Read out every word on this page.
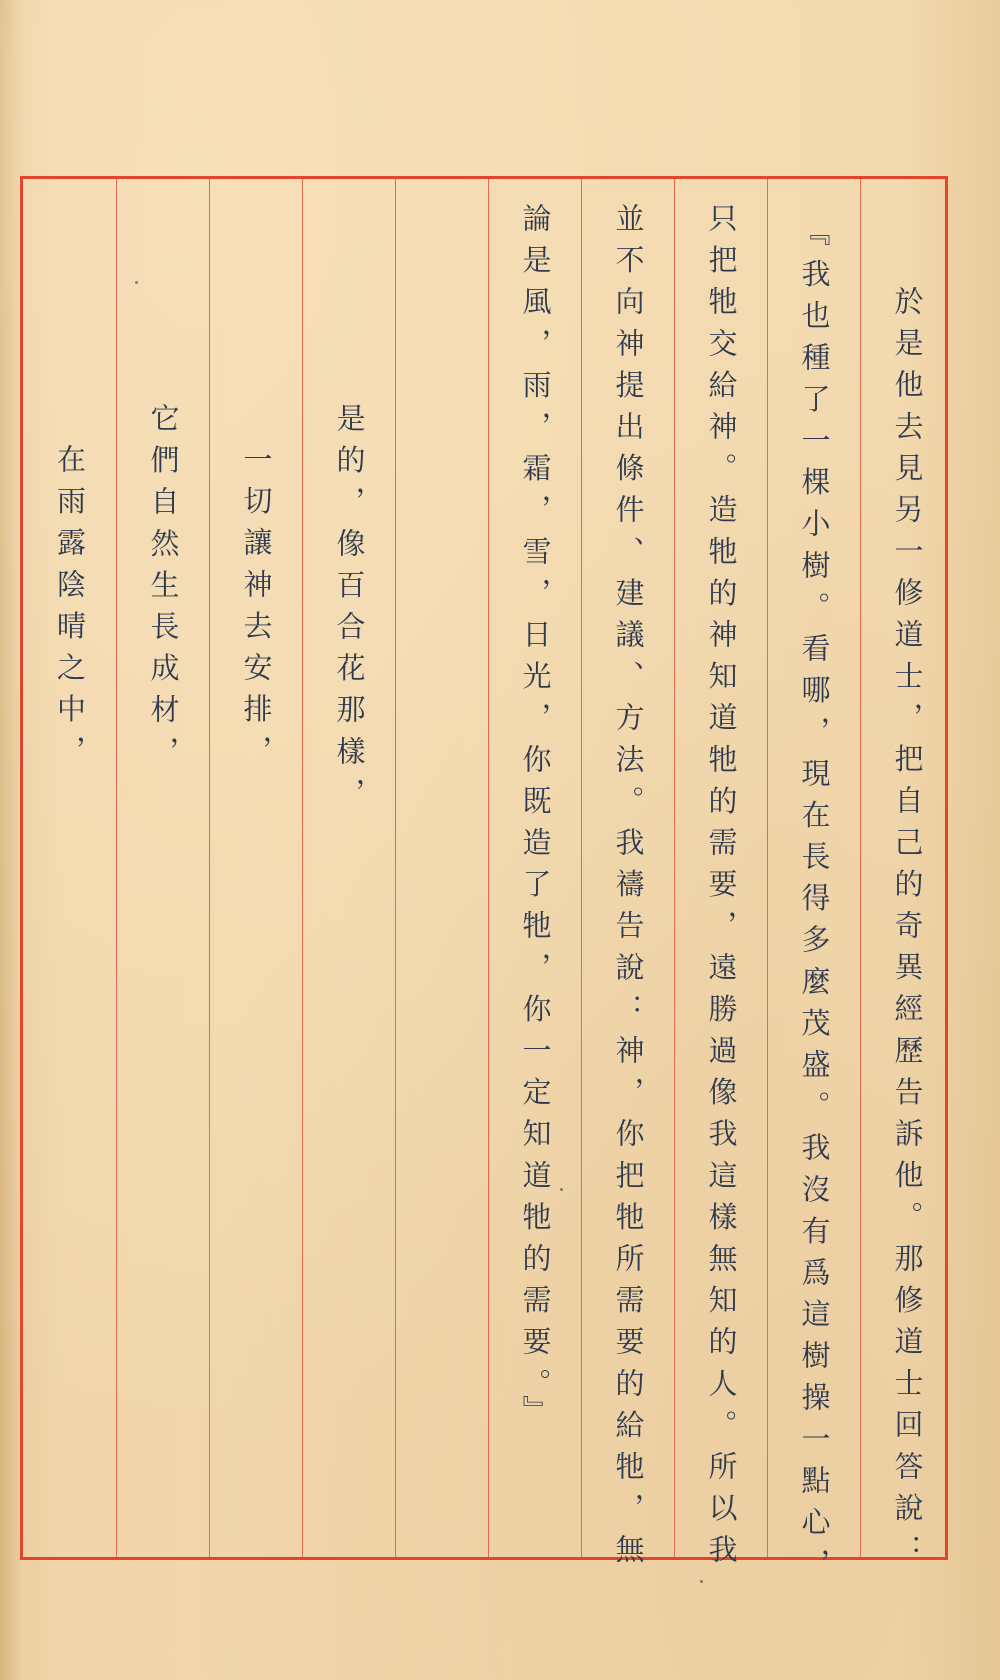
於是他去見另一修道士，把自己的奇異經歷告訴他。那修道士回答說：
『我也種了一棵小樹。看哪，現在長得多麼茂盛。我沒有爲這樹操一點心，
只把牠交給神。造牠的神知道牠的需要，遠勝過像我這樣無知的人。所以我
並不向神提出條件、建議、方法。我禱告說：神，你把牠所需要的給牠，無
論是風，雨，霜，雪，日光，你既造了牠，你一定知道牠的需要。』
是的，像百合花那樣，
一切讓神去安排，
它們自然生長成材，
在雨露陰晴之中，
